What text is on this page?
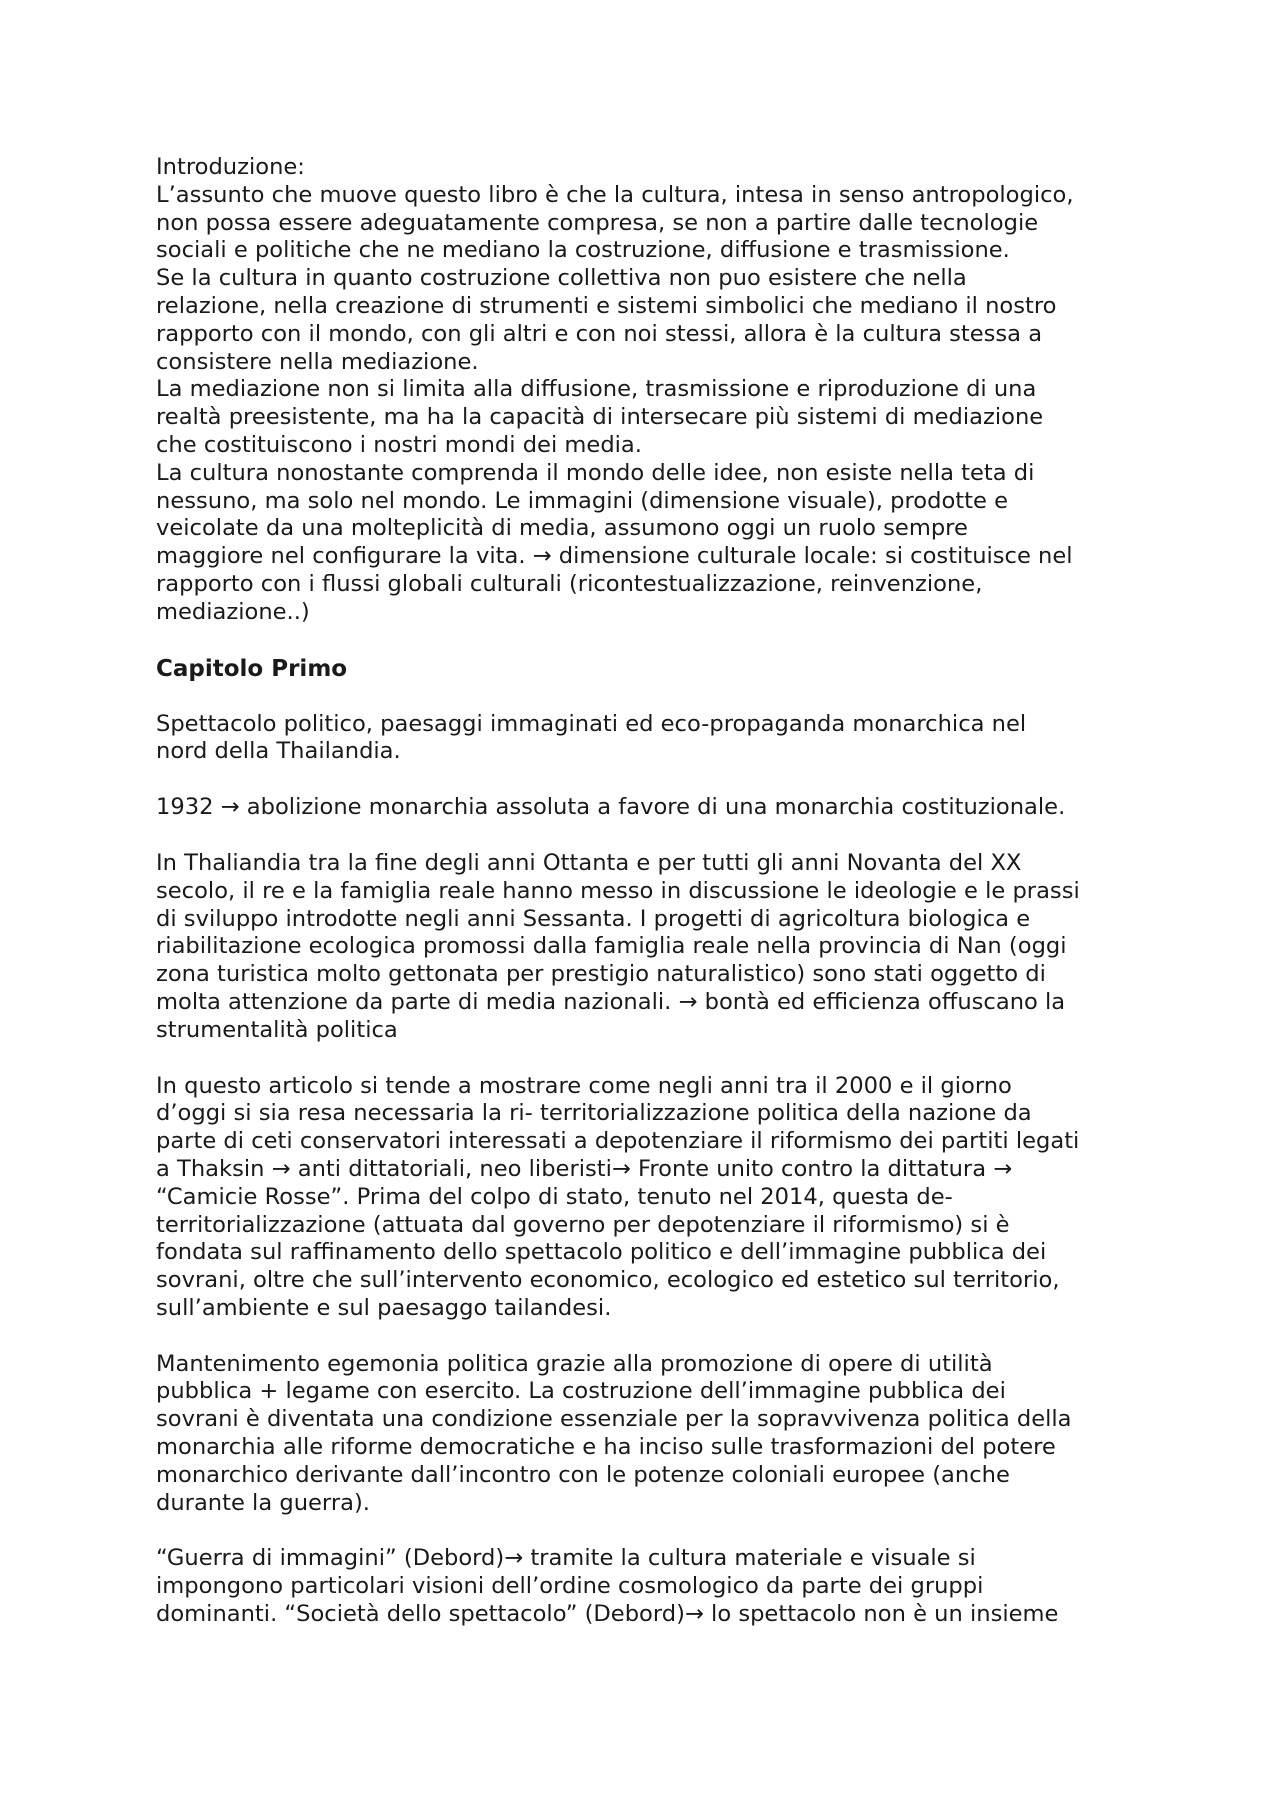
Introduzione:
L’assunto che muove questo libro è che la cultura, intesa in senso antropologico,
non possa essere adeguatamente compresa, se non a partire dalle tecnologie
sociali e politiche che ne mediano la costruzione, diffusione e trasmissione.
Se la cultura in quanto costruzione collettiva non puo esistere che nella
relazione, nella creazione di strumenti e sistemi simbolici che mediano il nostro
rapporto con il mondo, con gli altri e con noi stessi, allora è la cultura stessa a
consistere nella mediazione.
La mediazione non si limita alla diffusione, trasmissione e riproduzione di una
realtà preesistente, ma ha la capacità di intersecare più sistemi di mediazione
che costituiscono i nostri mondi dei media.
La cultura nonostante comprenda il mondo delle idee, non esiste nella teta di
nessuno, ma solo nel mondo. Le immagini (dimensione visuale), prodotte e
veicolate da una molteplicità di media, assumono oggi un ruolo sempre
maggiore nel configurare la vita. → dimensione culturale locale: si costituisce nel
rapporto con i flussi globali culturali (ricontestualizzazione, reinvenzione,
mediazione..)
Capitolo Primo
Spettacolo politico, paesaggi immaginati ed eco-propaganda monarchica nel
nord della Thailandia.
1932 → abolizione monarchia assoluta a favore di una monarchia costituzionale.
In Thaliandia tra la fine degli anni Ottanta e per tutti gli anni Novanta del XX
secolo, il re e la famiglia reale hanno messo in discussione le ideologie e le prassi
di sviluppo introdotte negli anni Sessanta. I progetti di agricoltura biologica e
riabilitazione ecologica promossi dalla famiglia reale nella provincia di Nan (oggi
zona turistica molto gettonata per prestigio naturalistico) sono stati oggetto di
molta attenzione da parte di media nazionali. → bontà ed efficienza offuscano la
strumentalità politica
In questo articolo si tende a mostrare come negli anni tra il 2000 e il giorno
d’oggi si sia resa necessaria la ri- territorializzazione politica della nazione da
parte di ceti conservatori interessati a depotenziare il riformismo dei partiti legati
a Thaksin → anti dittatoriali, neo liberisti→ Fronte unito contro la dittatura →
“Camicie Rosse”. Prima del colpo di stato, tenuto nel 2014, questa de-
territorializzazione (attuata dal governo per depotenziare il riformismo) si è
fondata sul raffinamento dello spettacolo politico e dell’immagine pubblica dei
sovrani, oltre che sull’intervento economico, ecologico ed estetico sul territorio,
sull’ambiente e sul paesaggo tailandesi.
Mantenimento egemonia politica grazie alla promozione di opere di utilità
pubblica + legame con esercito. La costruzione dell’immagine pubblica dei
sovrani è diventata una condizione essenziale per la sopravvivenza politica della
monarchia alle riforme democratiche e ha inciso sulle trasformazioni del potere
monarchico derivante dall’incontro con le potenze coloniali europee (anche
durante la guerra).
“Guerra di immagini” (Debord)→ tramite la cultura materiale e visuale si
impongono particolari visioni dell’ordine cosmologico da parte dei gruppi
dominanti. “Società dello spettacolo” (Debord)→ lo spettacolo non è un insieme
